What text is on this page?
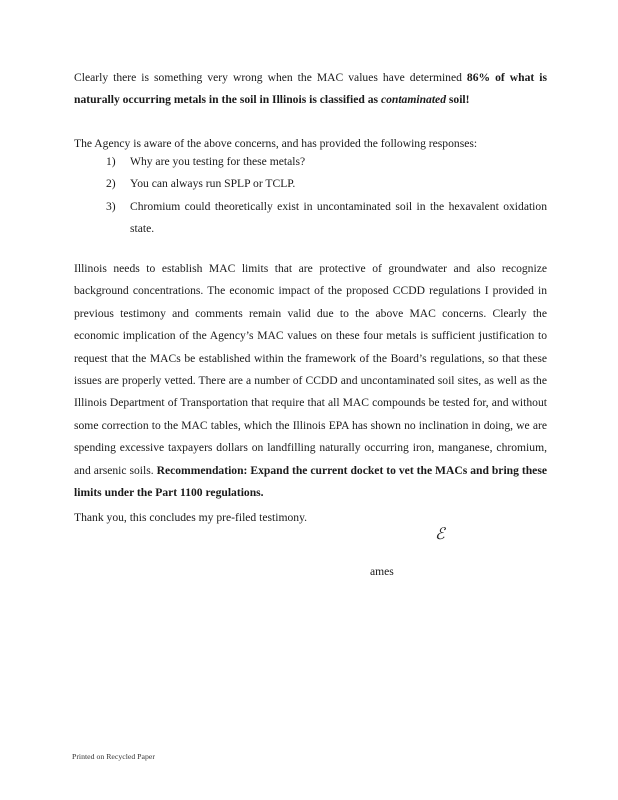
Clearly there is something very wrong when the MAC values have determined 86% of what is naturally occurring metals in the soil in Illinois is classified as contaminated soil!

The Agency is aware of the above concerns, and has provided the following responses:

1) Why are you testing for these metals?
2) You can always run SPLP or TCLP.
3) Chromium could theoretically exist in uncontaminated soil in the hexavalent oxidation state.

Illinois needs to establish MAC limits that are protective of groundwater and also recognize background concentrations. The economic impact of the proposed CCDD regulations I provided in previous testimony and comments remain valid due to the above MAC concerns. Clearly the economic implication of the Agency’s MAC values on these four metals is sufficient justification to request that the MACs be established within the framework of the Board’s regulations, so that these issues are properly vetted. There are a number of CCDD and uncontaminated soil sites, as well as the Illinois Department of Transportation that require that all MAC compounds be tested for, and without some correction to the MAC tables, which the Illinois EPA has shown no inclination in doing, we are spending excessive taxpayers dollars on landfilling naturally occurring iron, manganese, chromium, and arsenic soils. Recommendation: Expand the current docket to vet the MACs and bring these limits under the Part 1100 regulations.

Thank you, this concludes my pre-filed testimony.

ℰ
ames
Printed on Recycled Paper
